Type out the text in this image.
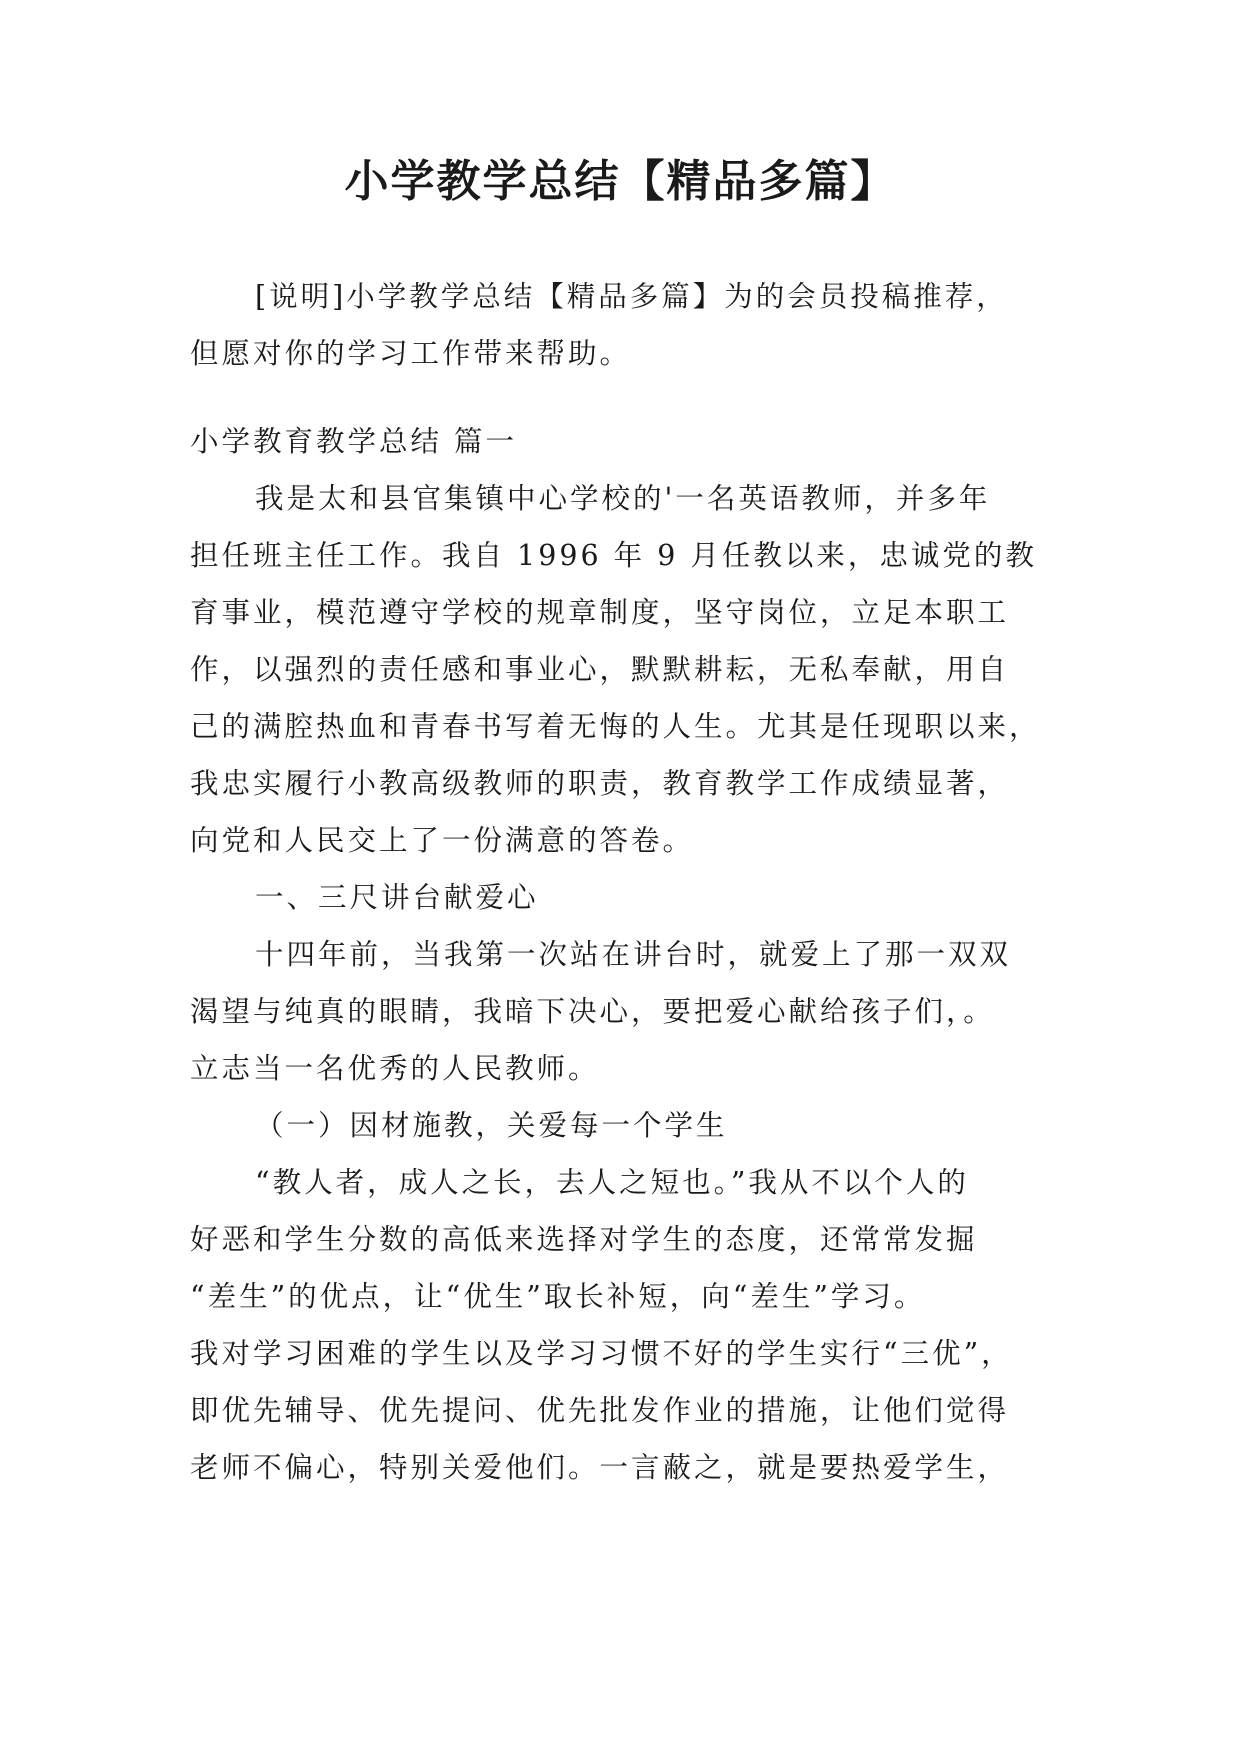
小学教学总结【精品多篇】
[说明]小学教学总结【精品多篇】为的会员投稿推荐，
但愿对你的学习工作带来帮助。
小学教育教学总结 篇一
我是太和县官集镇中心学校的'一名英语教师，并多年
担任班主任工作。我自 1996 年 9 月任教以来，忠诚党的教
育事业，模范遵守学校的规章制度，坚守岗位，立足本职工
作，以强烈的责任感和事业心，默默耕耘，无私奉献，用自
己的满腔热血和青春书写着无悔的人生。尤其是任现职以来，
我忠实履行小教高级教师的职责，教育教学工作成绩显著，
向党和人民交上了一份满意的答卷。
一、三尺讲台献爱心
十四年前，当我第一次站在讲台时，就爱上了那一双双
渴望与纯真的眼睛，我暗下决心，要把爱心献给孩子们，。
立志当一名优秀的人民教师。
（一）因材施教，关爱每一个学生
“教人者，成人之长，去人之短也。”我从不以个人的
好恶和学生分数的高低来选择对学生的态度，还常常发掘
“差生”的优点，让“优生”取长补短，向“差生”学习。
我对学习困难的学生以及学习习惯不好的学生实行“三优”，
即优先辅导、优先提问、优先批发作业的措施，让他们觉得
老师不偏心，特别关爱他们。一言蔽之，就是要热爱学生，
